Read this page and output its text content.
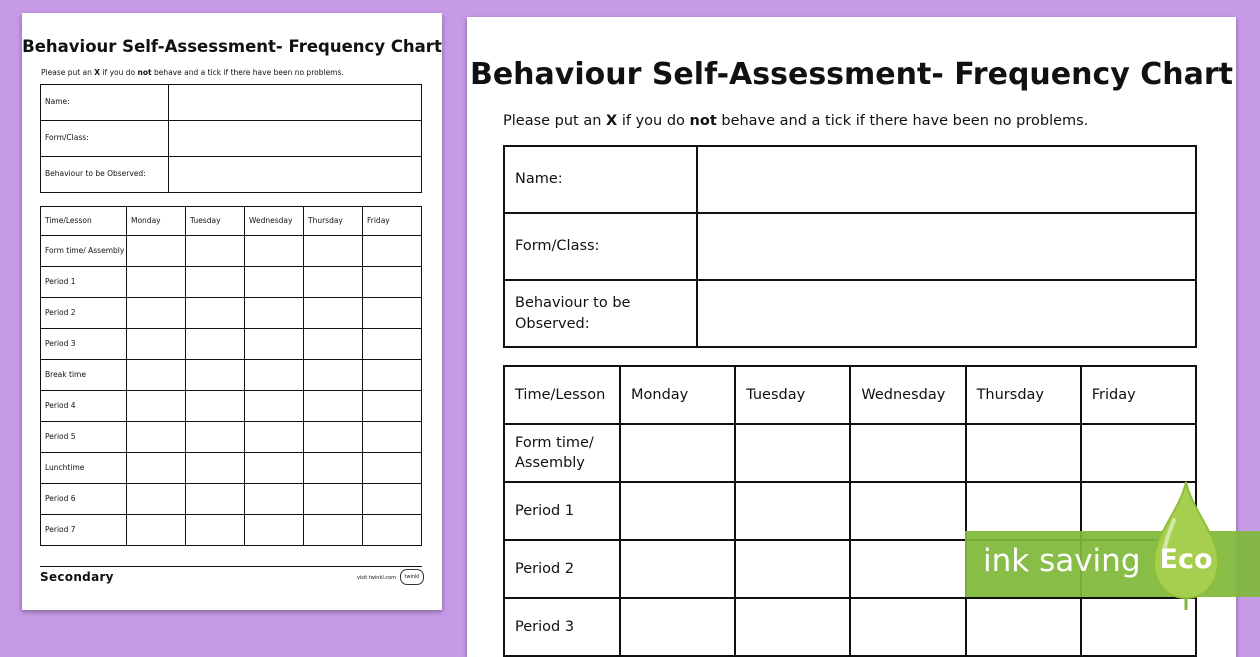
Behaviour Self-Assessment- Frequency Chart
Please put an X if you do not behave and a tick if there have been no problems.
Name:	
Form/Class:	
Behaviour to be Observed:	
Time/Lesson	Monday	Tuesday	Wednesday	Thursday	Friday
Form time/ Assembly					
Period 1					
Period 2					
Period 3					
Break time					
Period 4					
Period 5					
Lunchtime					
Period 6					
Period 7					
Secondary	visit twinkl.com	twinkl
Behaviour Self-Assessment- Frequency Chart
Please put an X if you do not behave and a tick if there have been no problems.
Name:	
Form/Class:	
Behaviour to be Observed:	
Time/Lesson	Monday	Tuesday	Wednesday	Thursday	Friday
Form time/ Assembly					
Period 1					
Period 2					
Period 3					
ink saving Eco
